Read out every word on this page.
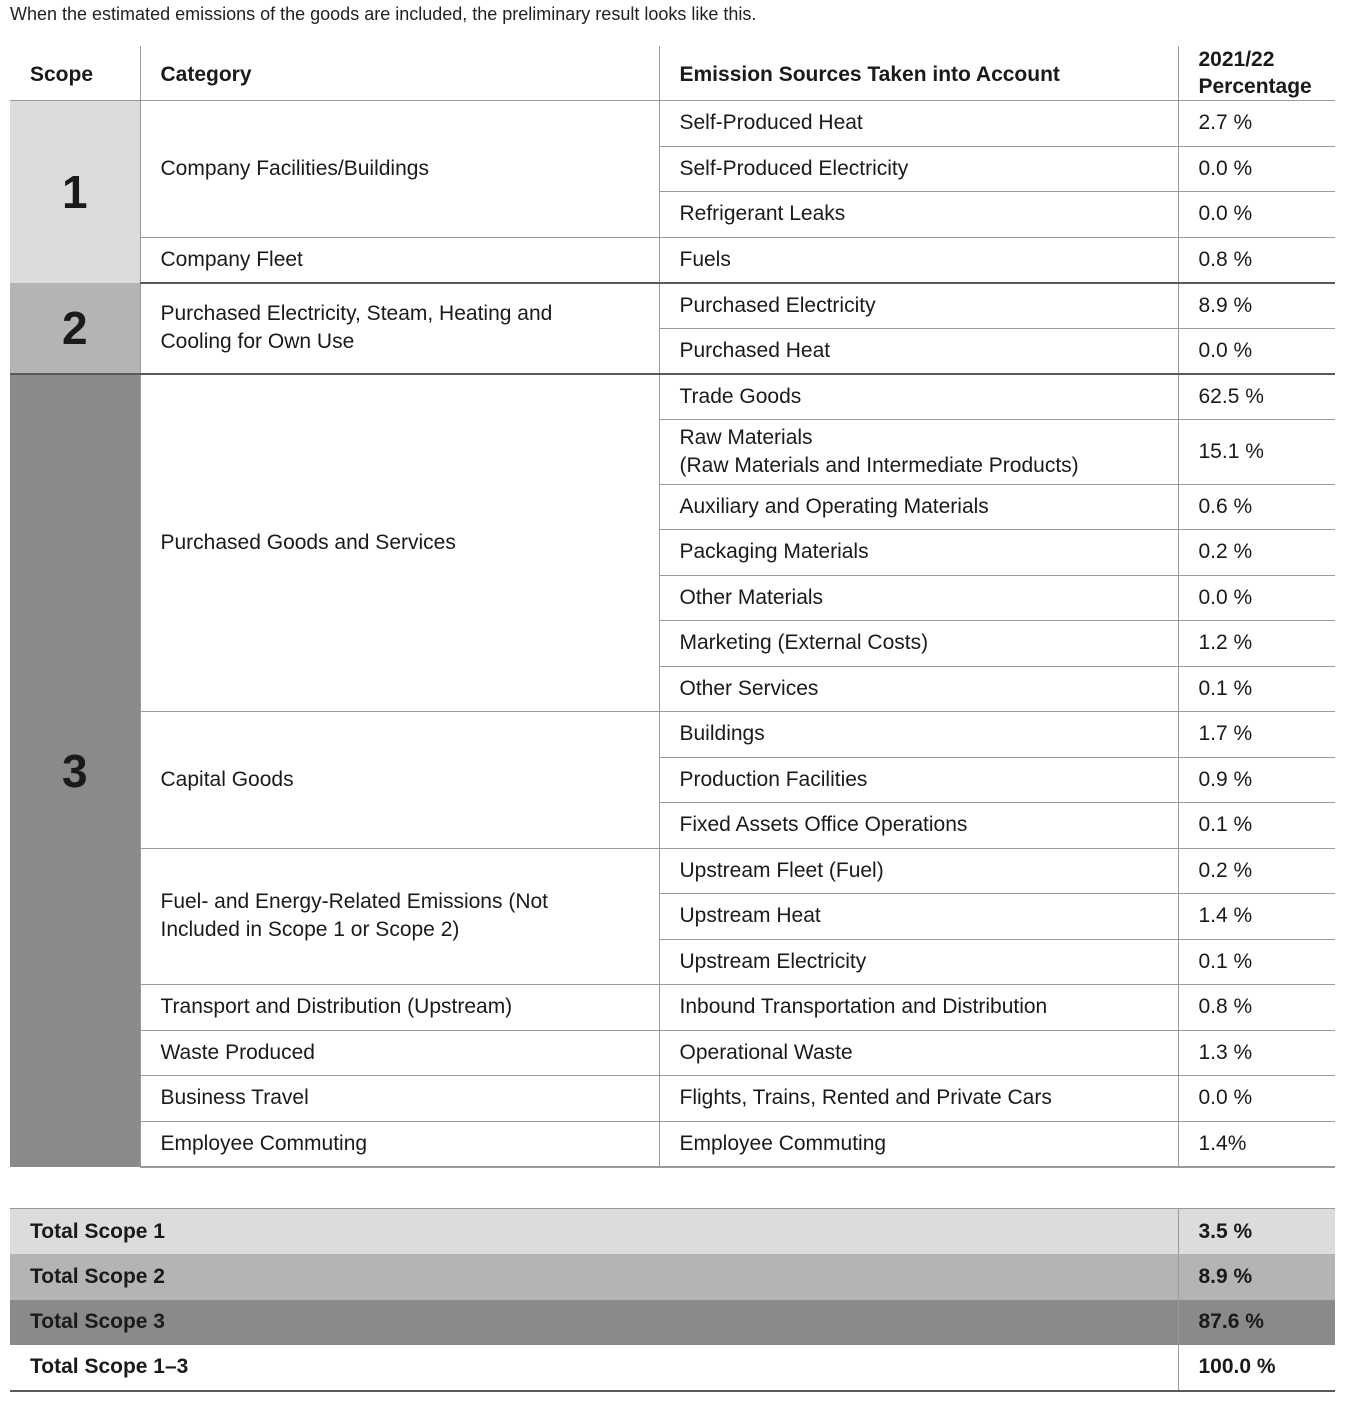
When the estimated emissions of the goods are included, the preliminary result looks like this.
Scope	Category	Emission Sources Taken into Account	2021/22
Percentage
1	Company Facilities/Buildings	Self-Produced Heat	2.7 %
		Self-Produced Electricity	0.0 %
		Refrigerant Leaks	0.0 %
	Company Fleet	Fuels	0.8 %
2	Purchased Electricity, Steam, Heating and
Cooling for Own Use	Purchased Electricity	8.9 %
		Purchased Heat	0.0 %
3	Purchased Goods and Services	Trade Goods	62.5 %
		Raw Materials
(Raw Materials and Intermediate Products)	15.1 %
		Auxiliary and Operating Materials	0.6 %
		Packaging Materials	0.2 %
		Other Materials	0.0 %
		Marketing (External Costs)	1.2 %
		Other Services	0.1 %
	Capital Goods	Buildings	1.7 %
		Production Facilities	0.9 %
		Fixed Assets Office Operations	0.1 %
	Fuel- and Energy-Related Emissions (Not
Included in Scope 1 or Scope 2)	Upstream Fleet (Fuel)	0.2 %
		Upstream Heat	1.4 %
		Upstream Electricity	0.1 %
	Transport and Distribution (Upstream)	Inbound Transportation and Distribution	0.8 %
	Waste Produced	Operational Waste	1.3 %
	Business Travel	Flights, Trains, Rented and Private Cars	0.0 %
	Employee Commuting	Employee Commuting	1.4%
Total Scope 1	3.5 %
Total Scope 2	8.9 %
Total Scope 3	87.6 %
Total Scope 1–3	100.0 %
